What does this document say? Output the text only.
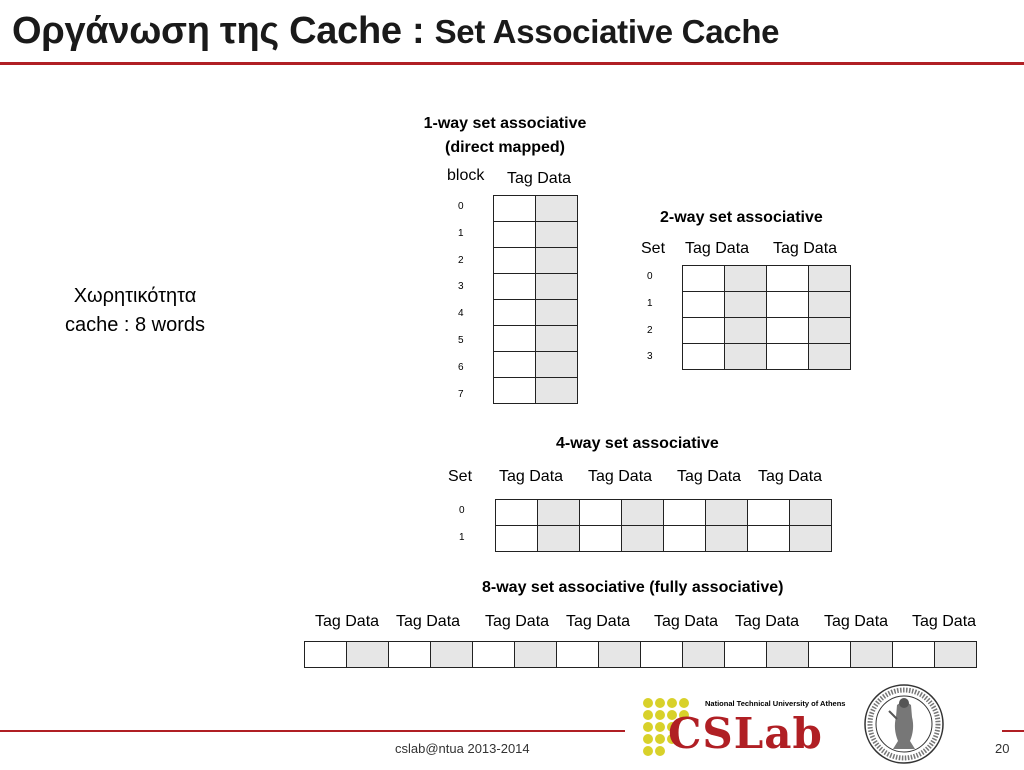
Οργάνωση της Cache : Set Associative Cache
Χωρητικότητα
cache : 8 words
1-way set associative
(direct mapped)
block Tag Data
0
1
2
3
4
5
6
7

2-way set associative
Set Tag Data Tag Data
0
1
2
3

4-way set associative
Set Tag Data Tag Data Tag Data Tag Data
0
1

8-way set associative (fully associative)
Tag Data Tag Data Tag Data Tag Data Tag Data Tag Data Tag Data Tag Data

cslab@ntua 2013-2014	20
National Technical University of Athens
CSLab
